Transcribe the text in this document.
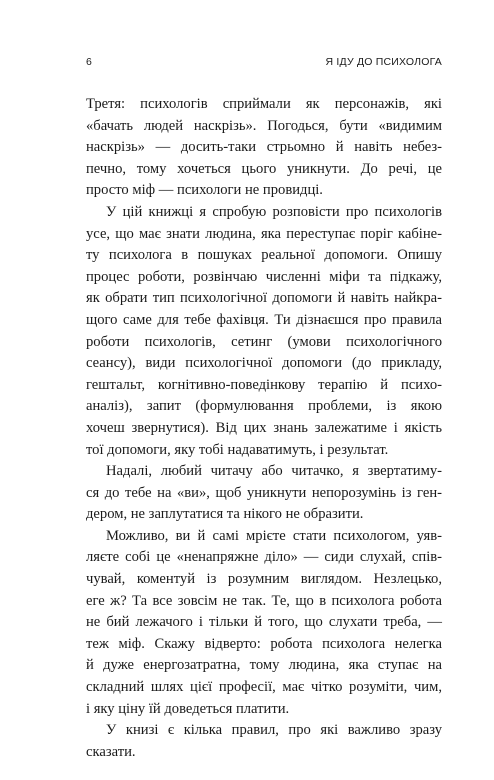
6	Я ІДУ ДО ПСИХОЛОГА

Третя: психологів сприймали як персонажів, які
«бачать людей наскрізь». Погодься, бути «видимим
наскрізь» — досить-таки стрьомно й навіть небез-
печно, тому хочеться цього уникнути. До речі, це
просто міф — психологи не провидці.

У цій книжці я спробую розповісти про психологів
усе, що має знати людина, яка переступає поріг кабіне-
ту психолога в пошуках реальної допомоги. Опишу
процес роботи, розвінчаю численні міфи та підкажу,
як обрати тип психологічної допомоги й навіть найкра-
щого саме для тебе фахівця. Ти дізнаєшся про правила
роботи психологів, сетинг (умови психологічного
сеансу), види психологічної допомоги (до прикладу,
гештальт, когнітивно-поведінкову терапію й психо-
аналіз), запит (формулювання проблеми, із якою
хочеш звернутися). Від цих знань залежатиме і якість
тої допомоги, яку тобі надаватимуть, і результат.

Надалі, любий читачу або читачко, я звертатиму-
ся до тебе на «ви», щоб уникнути непорозумінь із ген-
дером, не заплутатися та нікого не образити.

Можливо, ви й самі мрієте стати психологом, уяв-
ляєте собі це «ненапряжне діло» — сиди слухай, спів-
чувай, коментуй із розумним виглядом. Незлецько,
еге ж? Та все зовсім не так. Те, що в психолога робота
не бий лежачого і тільки й того, що слухати треба, —
теж міф. Скажу відверто: робота психолога нелегка
й дуже енергозатратна, тому людина, яка ступає на
складний шлях цієї професії, має чітко розуміти, чим,
і яку ціну їй доведеться платити.

У книзі є кілька правил, про які важливо зразу
сказати.
